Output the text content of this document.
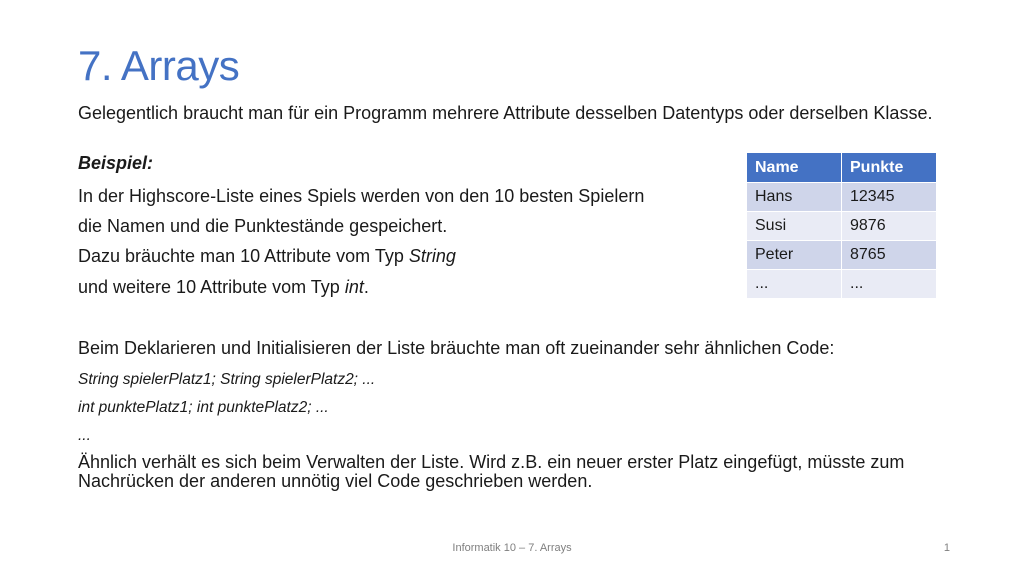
7. Arrays
Gelegentlich braucht man für ein Programm mehrere Attribute desselben Datentyps oder derselben Klasse.
Beispiel:
In der Highscore-Liste eines Spiels werden von den 10 besten Spielern
die Namen und die Punktestände gespeichert.
Dazu bräuchte man 10 Attribute vom Typ String
und weitere 10 Attribute vom Typ int.
Beim Deklarieren und Initialisieren der Liste bräuchte man oft zueinander sehr ähnlichen Code:
String spielerPlatz1; String spielerPlatz2; ...
int punktePlatz1; int punktePlatz2; ...
...
Ähnlich verhält es sich beim Verwalten der Liste. Wird z.B. ein neuer erster Platz eingefügt, müsste zum Nachrücken der anderen unnötig viel Code geschrieben werden.
Name	Punkte
Hans	12345
Susi	9876
Peter	8765
...	...
Informatik 10 – 7. Arrays	1
